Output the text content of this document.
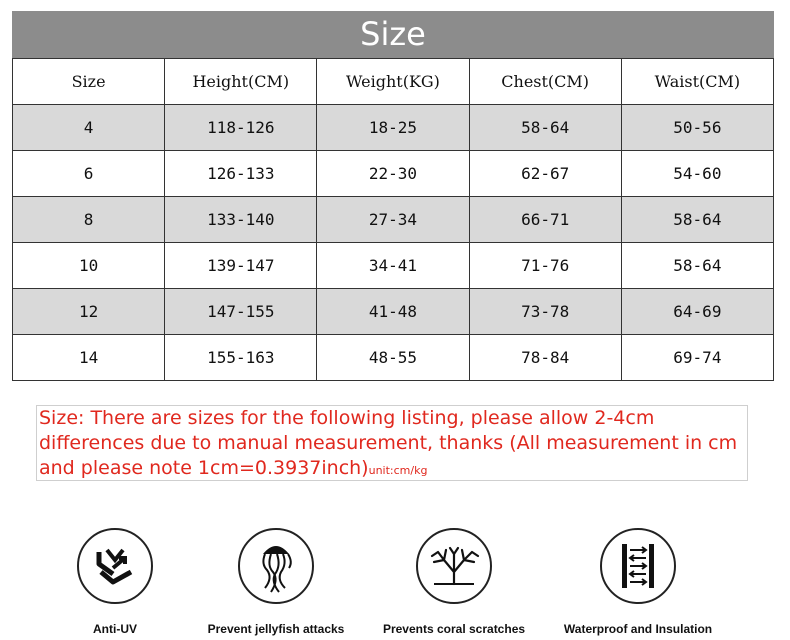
Size
Size	Height(CM)	Weight(KG)	Chest(CM)	Waist(CM)
4	118-126	18-25	58-64	50-56
6	126-133	22-30	62-67	54-60
8	133-140	27-34	66-71	58-64
10	139-147	34-41	71-76	58-64
12	147-155	41-48	73-78	64-69
14	155-163	48-55	78-84	69-74
Size: There are sizes for the following listing, please allow 2-4cm differences due to manual measurement, thanks (All measurement in cm and please note 1cm=0.3937inch)unit:cm/kg
Anti-UV	Prevent jellyfish attacks	Prevents coral scratches	Waterproof and Insulation
